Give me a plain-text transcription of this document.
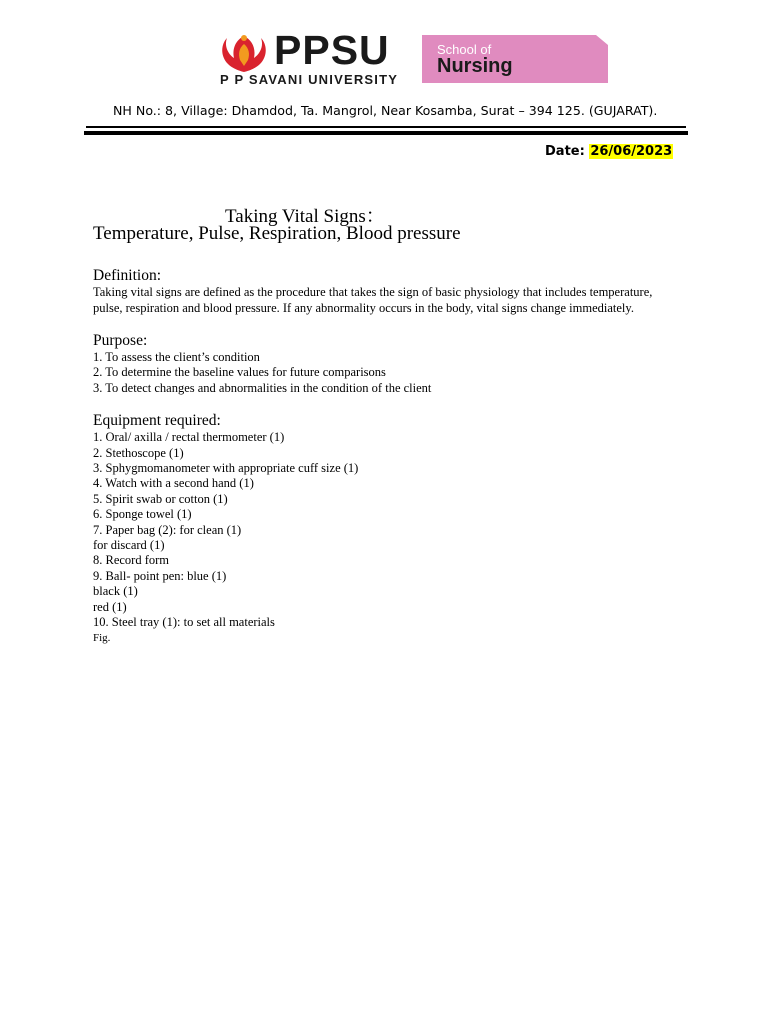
PPSU
P P SAVANI UNIVERSITY
School of
Nursing
NH No.: 8, Village: Dhamdod, Ta. Mangrol, Near Kosamba, Surat – 394 125. (GUJARAT).
Date: 26/06/2023
Taking Vital Signs：
Temperature, Pulse, Respiration, Blood pressure
Definition:
Taking vital signs are defined as the procedure that takes the sign of basic physiology that includes temperature, pulse, respiration and blood pressure. If any abnormality occurs in the body, vital signs change immediately.
Purpose:
1. To assess the client’s condition
2. To determine the baseline values for future comparisons
3. To detect changes and abnormalities in the condition of the client
Equipment required:
1. Oral/ axilla / rectal thermometer (1)
2. Stethoscope (1)
3. Sphygmomanometer with appropriate cuff size (1)
4. Watch with a second hand (1)
5. Spirit swab or cotton (1)
6. Sponge towel (1)
7. Paper bag (2): for clean (1)
for discard (1)
8. Record form
9. Ball- point pen: blue (1)
black (1)
red (1)
10. Steel tray (1): to set all materials
Fig.
